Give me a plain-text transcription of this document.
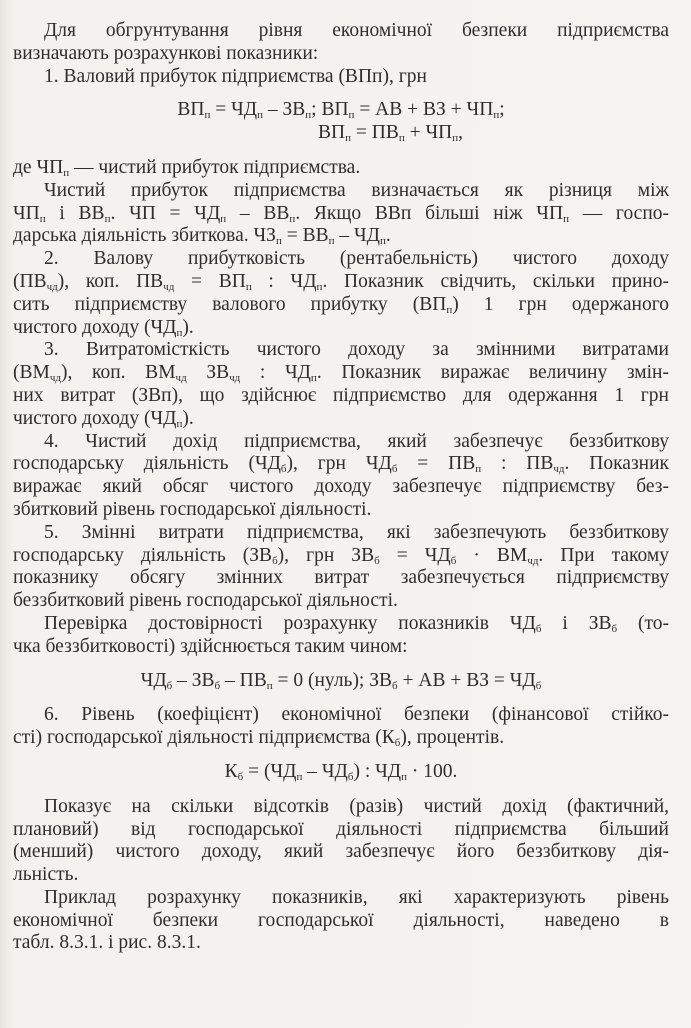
Для обгрунтування рівня економічної безпеки підприємства
визначають розрахункові показники:
1. Валовий прибуток підприємства (ВПп), грн
$ВП_п = ЧД_п - ЗВ_п$; $ВП_п$ = АВ + ВЗ + $ЧП_п$;
$ВП_п = ПВ_п + ЧП_п$,
де $ЧП_п$ — чистий прибуток підприємства.
Чистий прибуток підприємства визначається як різниця між
$ЧП_п$ і $ВВ_п$. ЧП = $ЧД_п - ВВ_п$. Якщо ВВп більші ніж $ЧП_п$ — госпо-
дарська діяльність збиткова. $ЧЗ_п = ВВ_п - ЧД_п$.
2. Валову прибутковість (рентабельність) чистого доходу
$(ПВ_{чд})$, коп. $ПВ_{чд} = ВП_п$ : $ЧД_п$. Показник свідчить, скільки прино-
сить підприємству валового прибутку $(ВП_п)$ 1 грн одержаного
чистого доходу $(ЧД_п)$.
3. Витратомісткість чистого доходу за змінними витратами
$(ВМ_{чд})$, коп. $ВМ_{чд}$ $ЗВ_{чд}$ : $ЧД_п$. Показник виражає величину змін-
них витрат (ЗВп), що здійснює підприємство для одержання 1 грн
чистого доходу $(ЧД_п)$.
4. Чистий дохід підприємства, який забезпечує беззбиткову
господарську діяльність $(ЧД_б)$, грн $ЧД_б = ПВ_п$ : $ПВ_{чд}$. Показник
виражає який обсяг чистого доходу забезпечує підприємству без-
збитковий рівень господарської діяльності.
5. Змінні витрати підприємства, які забезпечують беззбиткову
господарську діяльність $(ЗВ_б)$, грн $ЗВ_б = ЧД_б \cdot ВМ_{чд}$. При такому
показнику обсягу змінних витрат забезпечується підприємству
беззбитковий рівень господарської діяльності.
Перевірка достовірності розрахунку показників $ЧД_б$ і $ЗВ_б$ (то-
чка беззбитковості) здійснюється таким чином:
$ЧД_б - ЗВ_б - ПВ_п = 0$ (нуль); $ЗВ_б$ + АВ + ВЗ = $ЧД_б$
6. Рівень (коефіцієнт) економічної безпеки (фінансової стійко-
сті) господарської діяльності підприємства $(К_б)$, процентів.
$К_б = (ЧД_п - ЧД_б)$ : $ЧД_п \cdot 100$.
Показує на скільки відсотків (разів) чистий дохід (фактичний,
плановий) від господарської діяльності підприємства більший
(менший) чистого доходу, який забезпечує його беззбиткову дія-
льність.
Приклад розрахунку показників, які характеризують рівень
економічної безпеки господарської діяльності, наведено в
табл. 8.3.1. і рис. 8.3.1.
